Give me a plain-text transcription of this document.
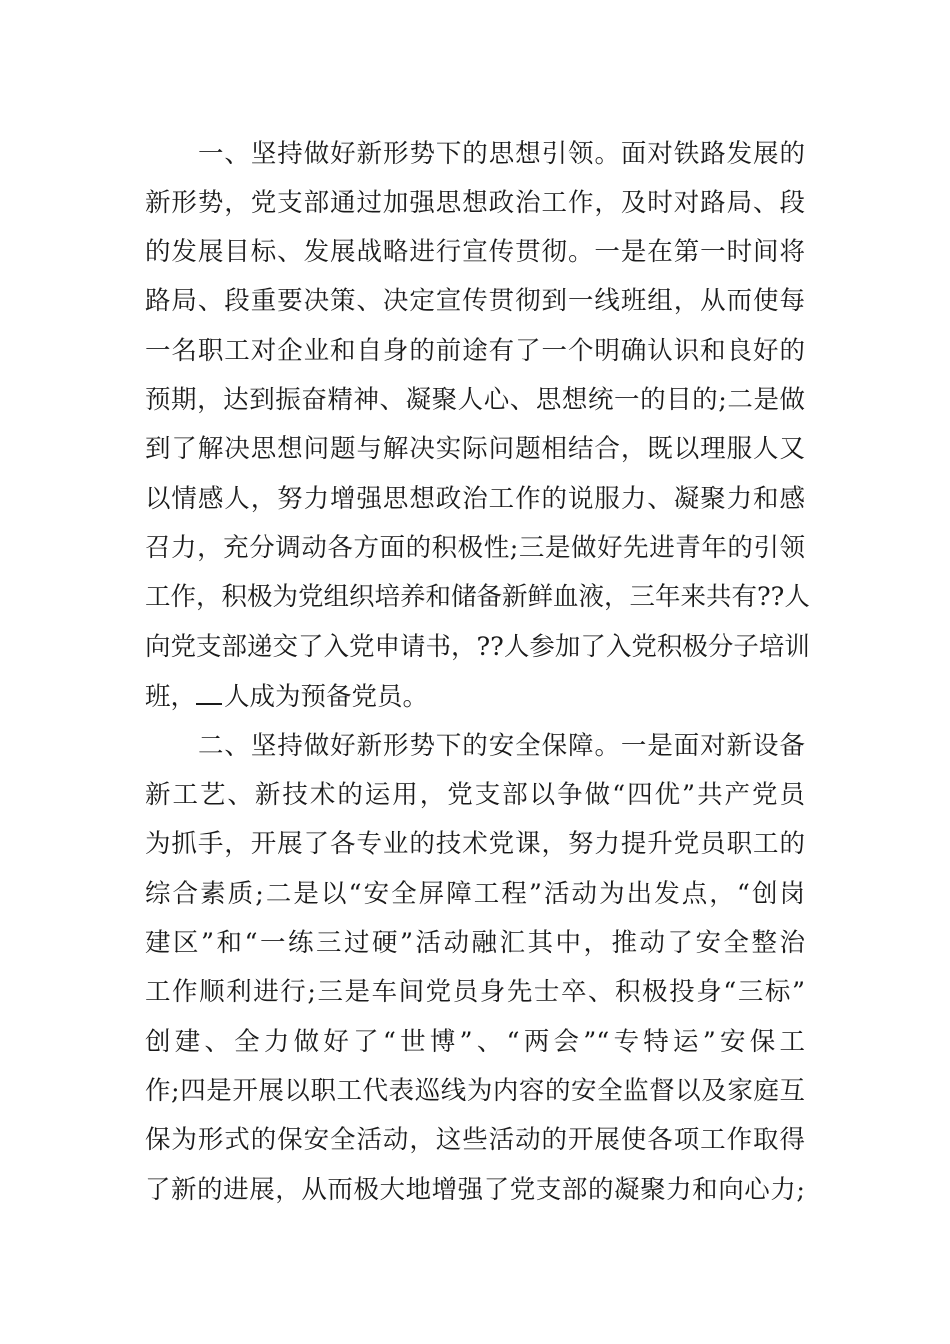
一、坚持做好新形势下的思想引领。面对铁路发展的
新形势，党支部通过加强思想政治工作，及时对路局、段
的发展目标、发展战略进行宣传贯彻。一是在第一时间将
路局、段重要决策、决定宣传贯彻到一线班组，从而使每
一名职工对企业和自身的前途有了一个明确认识和良好的
预期，达到振奋精神、凝聚人心、思想统一的目的;二是做
到了解决思想问题与解决实际问题相结合，既以理服人又
以情感人，努力增强思想政治工作的说服力、凝聚力和感
召力，充分调动各方面的积极性;三是做好先进青年的引领
工作，积极为党组织培养和储备新鲜血液，三年来共有??人
向党支部递交了入党申请书，??人参加了入党积极分子培训
班， 人成为预备党员。
二、坚持做好新形势下的安全保障。一是面对新设备
新工艺、新技术的运用，党支部以争做“四优”共产党员
为抓手，开展了各专业的技术党课，努力提升党员职工的
综合素质;二是以“安全屏障工程”活动为出发点，“创岗
建区”和“一练三过硬”活动融汇其中，推动了安全整治
工作顺利进行;三是车间党员身先士卒、积极投身“三标”
创建、全力做好了“世博”、“两会”“专特运”安保工
作;四是开展以职工代表巡线为内容的安全监督以及家庭互
保为形式的保安全活动，这些活动的开展使各项工作取得
了新的进展，从而极大地增强了党支部的凝聚力和向心力;
